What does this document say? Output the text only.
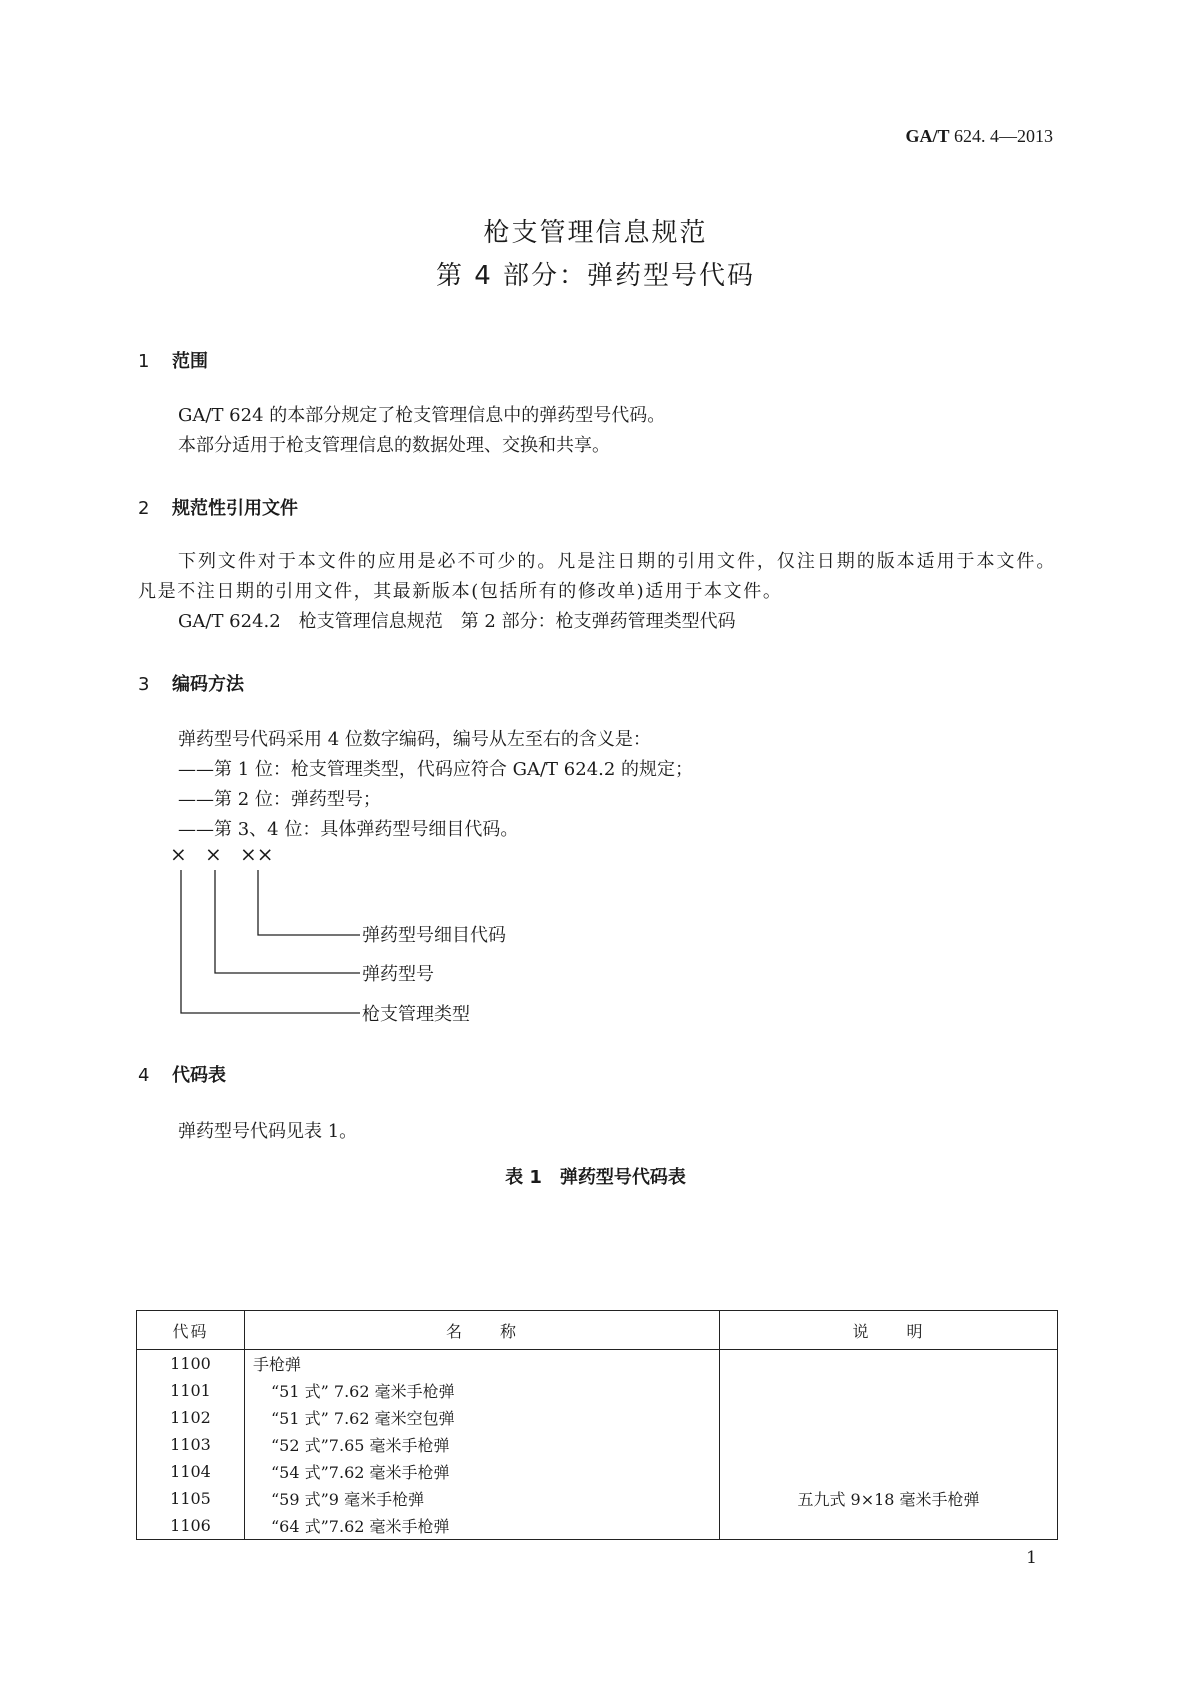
GA/T 624. 4—2013
枪支管理信息规范
第 4 部分：弹药型号代码
1 范围
GA/T 624 的本部分规定了枪支管理信息中的弹药型号代码。
本部分适用于枪支管理信息的数据处理、交换和共享。
2 规范性引用文件
下列文件对于本文件的应用是必不可少的。凡是注日期的引用文件，仅注日期的版本适用于本文件。凡是不注日期的引用文件，其最新版本(包括所有的修改单)适用于本文件。
GA/T 624.2　枪支管理信息规范　第 2 部分：枪支弹药管理类型代码
3 编码方法
弹药型号代码采用 4 位数字编码，编号从左至右的含义是：
——第 1 位：枪支管理类型，代码应符合 GA/T 624.2 的规定；
——第 2 位：弹药型号；
——第 3、4 位：具体弹药型号细目代码。
× × ××
弹药型号细目代码
弹药型号
枪支管理类型
4 代码表
弹药型号代码见表 1。
表 1　弹药型号代码表
代码	名　　称	说　　明
1100	手枪弹	
1101	“51 式” 7.62 毫米手枪弹	
1102	“51 式” 7.62 毫米空包弹	
1103	“52 式”7.65 毫米手枪弹	
1104	“54 式”7.62 毫米手枪弹	
1105	“59 式”9 毫米手枪弹	五九式 9×18 毫米手枪弹
1106	“64 式”7.62 毫米手枪弹	
1
